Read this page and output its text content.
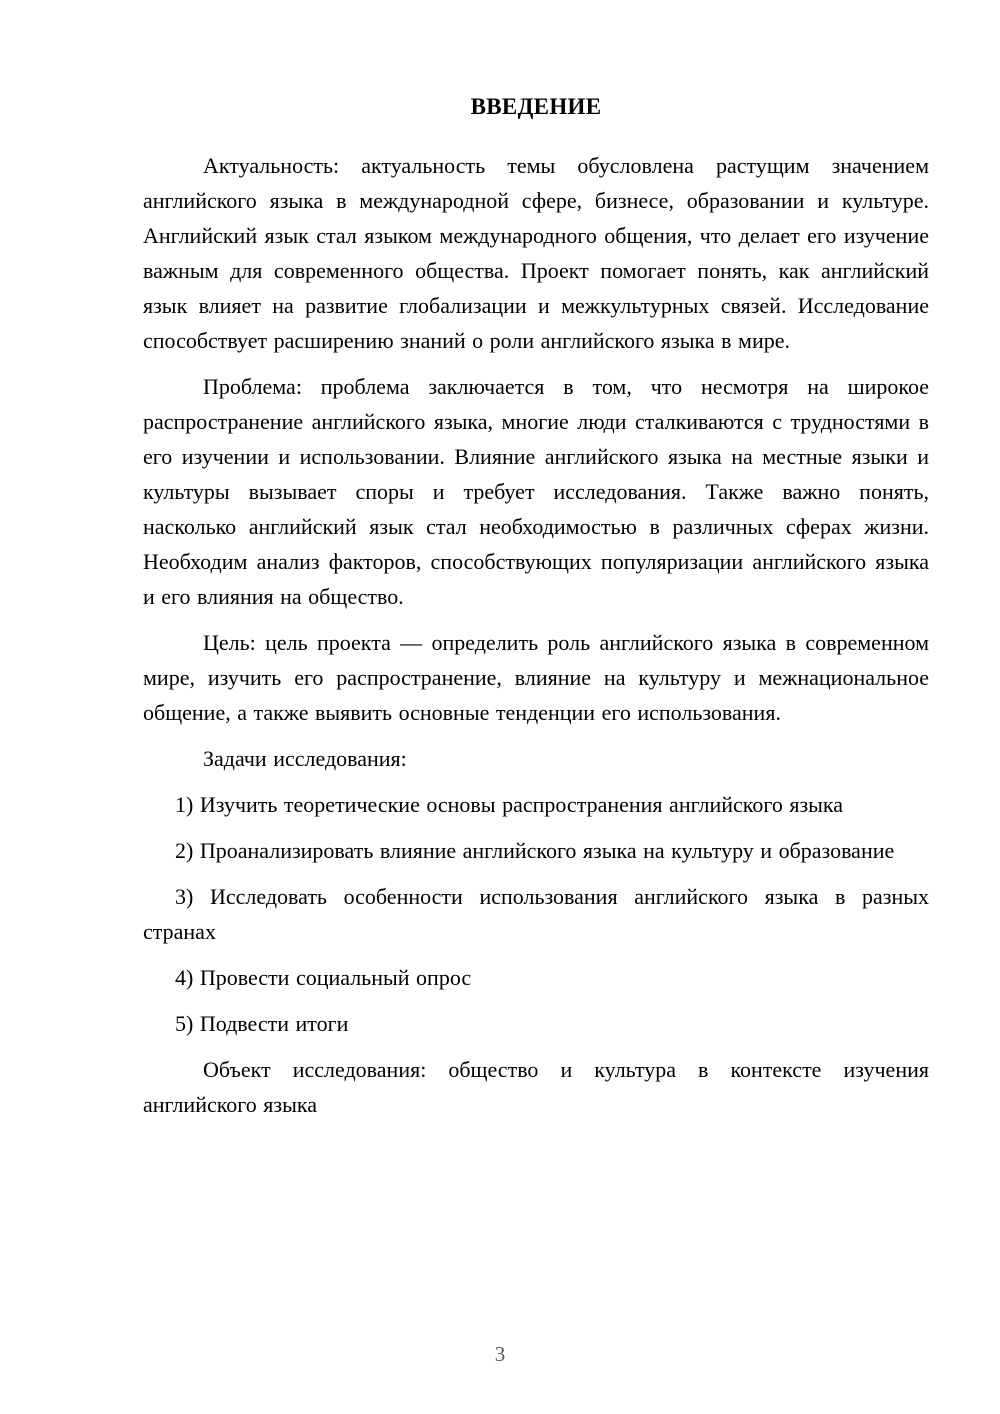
ВВЕДЕНИЕ

Актуальность: актуальность темы обусловлена растущим значением английского языка в международной сфере, бизнесе, образовании и культуре. Английский язык стал языком международного общения, что делает его изучение важным для современного общества. Проект помогает понять, как английский язык влияет на развитие глобализации и межкультурных связей. Исследование способствует расширению знаний о роли английского языка в мире.

Проблема: проблема заключается в том, что несмотря на широкое распространение английского языка, многие люди сталкиваются с трудностями в его изучении и использовании. Влияние английского языка на местные языки и культуры вызывает споры и требует исследования. Также важно понять, насколько английский язык стал необходимостью в различных сферах жизни. Необходим анализ факторов, способствующих популяризации английского языка и его влияния на общество.

Цель: цель проекта — определить роль английского языка в современном мире, изучить его распространение, влияние на культуру и межнациональное общение, а также выявить основные тенденции его использования.

Задачи исследования:

1) Изучить теоретические основы распространения английского языка

2) Проанализировать влияние английского языка на культуру и образование

3) Исследовать особенности использования английского языка в разных странах

4) Провести социальный опрос

5) Подвести итоги

Объект исследования: общество и культура в контексте изучения английского языка

3
